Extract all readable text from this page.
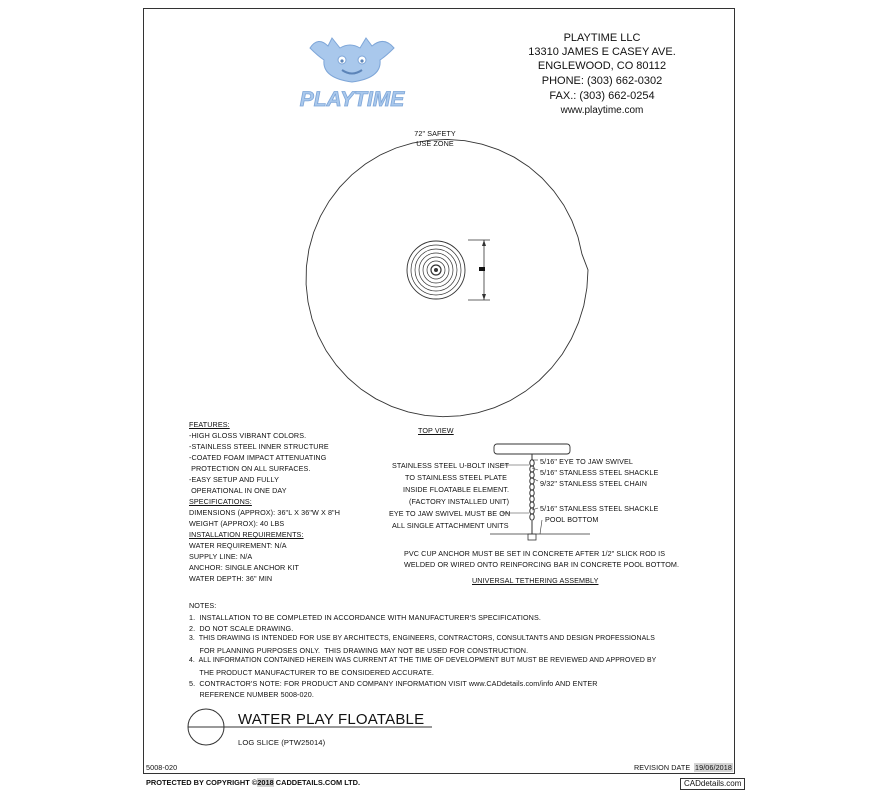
PLAYTIME
PLAYTIME LLC
13310 JAMES E CASEY AVE.
ENGLEWOOD, CO 80112
PHONE: (303) 662-0302
FAX.: (303) 662-0254
www.playtime.com
72" SAFETY
USE ZONE
TOP VIEW
FEATURES:
-HIGH GLOSS VIBRANT COLORS.
-STAINLESS STEEL INNER STRUCTURE
-COATED FOAM IMPACT ATTENUATING
PROTECTION ON ALL SURFACES.
-EASY SETUP AND FULLY
OPERATIONAL IN ONE DAY
SPECIFICATIONS:
DIMENSIONS (APPROX): 36"L X 36"W X 8"H
WEIGHT (APPROX): 40 LBS
INSTALLATION REQUIREMENTS:
WATER REQUIREMENT: N/A
SUPPLY LINE: N/A
ANCHOR: SINGLE ANCHOR KIT
WATER DEPTH: 36" MIN
STAINLESS STEEL U-BOLT INSET
TO STAINLESS STEEL PLATE
INSIDE FLOATABLE ELEMENT.
(FACTORY INSTALLED UNIT)
EYE TO JAW SWIVEL MUST BE ON
ALL SINGLE ATTACHMENT UNITS
5/16" EYE TO JAW SWIVEL
5/16" STANLESS STEEL SHACKLE
9/32" STANLESS STEEL CHAIN
5/16" STANLESS STEEL SHACKLE
POOL BOTTOM
PVC CUP ANCHOR MUST BE SET IN CONCRETE AFTER 1/2" SLICK ROD IS
WELDED OR WIRED ONTO REINFORCING BAR IN CONCRETE POOL BOTTOM.
UNIVERSAL TETHERING ASSEMBLY
NOTES:
1.  INSTALLATION TO BE COMPLETED IN ACCORDANCE WITH MANUFACTURER'S SPECIFICATIONS.
2.  DO NOT SCALE DRAWING.
3.  THIS DRAWING IS INTENDED FOR USE BY ARCHITECTS, ENGINEERS, CONTRACTORS, CONSULTANTS AND DESIGN PROFESSIONALS
FOR PLANNING PURPOSES ONLY.  THIS DRAWING MAY NOT BE USED FOR CONSTRUCTION.
4.  ALL INFORMATION CONTAINED HEREIN WAS CURRENT AT THE TIME OF DEVELOPMENT BUT MUST BE REVIEWED AND APPROVED BY
THE PRODUCT MANUFACTURER TO BE CONSIDERED ACCURATE.
5.  CONTRACTOR'S NOTE: FOR PRODUCT AND COMPANY INFORMATION VISIT www.CADdetails.com/info AND ENTER
REFERENCE NUMBER 5008-020.
WATER PLAY FLOATABLE
LOG SLICE (PTW25014)
5008-020	REVISION DATE 19/06/2018
PROTECTED BY COPYRIGHT ©2018 CADDETAILS.COM LTD.	CADdetails.com
